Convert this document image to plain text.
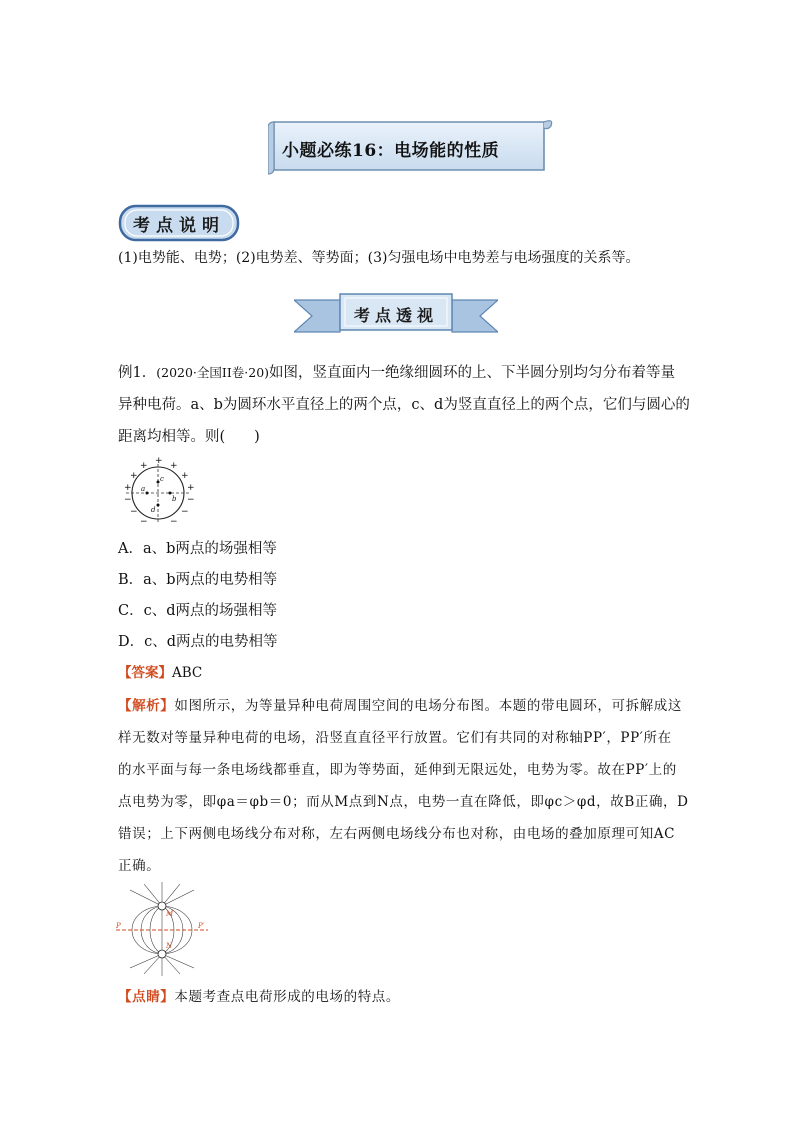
小题必练16：电场能的性质
考点说明
(1)电势能、电势；(2)电势差、等势面；(3)匀强电场中电势差与电场强度的关系等。
考点透视
例1．(2020·全国II卷·20)如图，竖直面内一绝缘细圆环的上、下半圆分别均匀分布着等量
异种电荷。a、b为圆环水平直径上的两个点，c、d为竖直直径上的两个点，它们与圆心的
距离均相等。则(　　)
+
+ +
+	+
+	+
−	−
−	−
− −
a
b
c
d
A．a、b两点的场强相等
B．a、b两点的电势相等
C．c、d两点的场强相等
D．c、d两点的电势相等
【答案】ABC
【解析】如图所示，为等量异种电荷周围空间的电场分布图。本题的带电圆环，可拆解成这
样无数对等量异种电荷的电场，沿竖直直径平行放置。它们有共同的对称轴PP′，PP′所在
的水平面与每一条电场线都垂直，即为等势面，延伸到无限远处，电势为零。故在PP′上的
点电势为零，即φa＝φb＝0；而从M点到N点，电势一直在降低，即φc＞φd，故B正确，D
错误；上下两侧电场线分布对称，左右两侧电场线分布也对称，由电场的叠加原理可知AC
正确。
P	P′
M
N
【点睛】本题考查点电荷形成的电场的特点。
